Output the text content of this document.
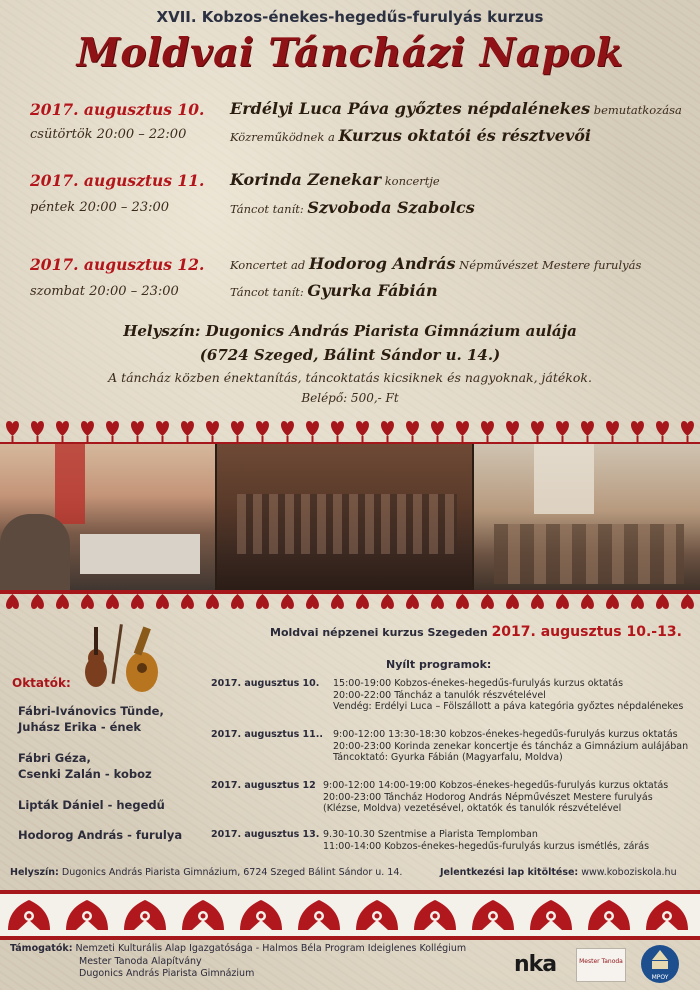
XVII. Kobzos-énekes-hegedűs-furulyás kurzus
Moldvai Táncházi Napok
2017. augusztus 10.
csütörtök 20:00 – 22:00
Erdélyi Luca Páva győztes népdalénekes bemutatkozása
Közreműködnek a Kurzus oktatói és résztvevői
2017. augusztus 11.
péntek 20:00 – 23:00
Korinda Zenekar koncertje
Táncot tanít: Szvoboda Szabolcs
2017. augusztus 12.
szombat 20:00 – 23:00
Koncertet ad Hodorog András Népművészet Mestere furulyás
Táncot tanít: Gyurka Fábián
Helyszín: Dugonics András Piarista Gimnázium aulája
(6724 Szeged, Bálint Sándor u. 14.)
A táncház közben énektanítás, táncoktatás kicsiknek és nagyoknak, játékok.
Belépő: 500,- Ft
Moldvai népzenei kurzus Szegeden 2017. augusztus 10.-13.
Nyílt programok:
Oktatók:
Fábri-Ivánovics Tünde,
Juhász Erika - ének
Fábri Géza,
Csenki Zalán - koboz
Lipták Dániel - hegedű
Hodorog András - furulya
2017. augusztus 10. 15:00-19:00 Kobzos-énekes-hegedűs-furulyás kurzus oktatás
20:00-22:00 Táncház a tanulók részvételével
Vendég: Erdélyi Luca – Fölszállott a páva kategória győztes népdalénekes
2017. augusztus 11.. 9:00-12:00 13:30-18:30 kobzos-énekes-hegedűs-furulyás kurzus oktatás
20:00-23:00 Korinda zenekar koncertje és táncház a Gimnázium aulájában
Táncoktató: Gyurka Fábián (Magyarfalu, Moldva)
2017. augusztus 12 9:00-12:00 14:00-19:00 Kobzos-énekes-hegedűs-furulyás kurzus oktatás
20:00-23:00 Táncház Hodorog András Népművészet Mestere furulyás
(Klézse, Moldva) vezetésével, oktatók és tanulók részvételével
2017. augusztus 13. 9.30-10.30 Szentmise a Piarista Templomban
11:00-14:00 Kobzos-énekes-hegedűs-furulyás kurzus ismétlés, zárás
Helyszín: Dugonics András Piarista Gimnázium, 6724 Szeged Bálint Sándor u. 14.	Jelentkezési lap kitöltése: www.koboziskola.hu
Támogatók: Nemzeti Kulturális Alap Igazgatósága - Halmos Béla Program Ideiglenes Kollégium
Mester Tanoda Alapítvány
Dugonics András Piarista Gimnázium	nka	Mester Tanoda
MPOY
